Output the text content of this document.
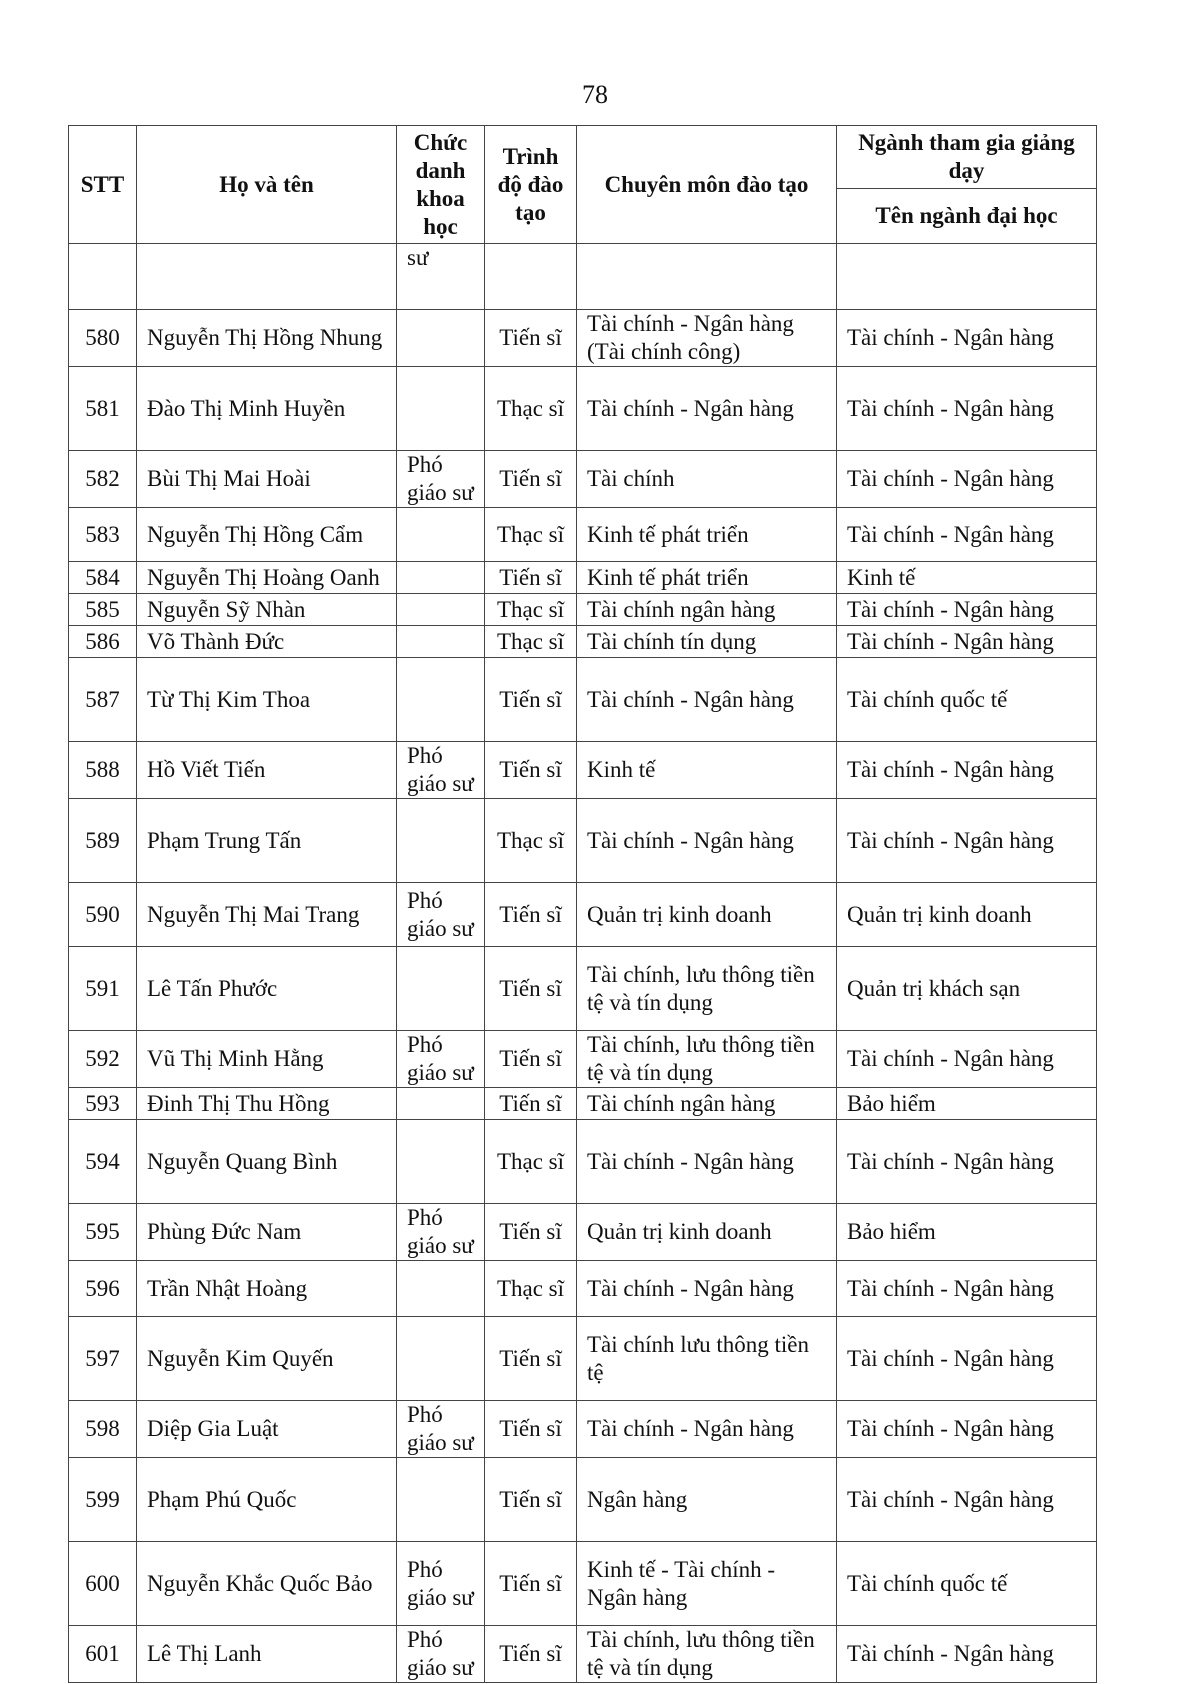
78
STT	Họ và tên	Chức danh khoa học	Trình độ đào tạo	Chuyên môn đào tạo	Ngành tham gia giảng dạy
					Tên ngành đại học
		sư			
580	Nguyễn Thị Hồng Nhung		Tiến sĩ	Tài chính - Ngân hàng (Tài chính công)	Tài chính - Ngân hàng
581	Đào Thị Minh Huyền		Thạc sĩ	Tài chính - Ngân hàng	Tài chính - Ngân hàng
582	Bùi Thị Mai Hoài	Phó giáo sư	Tiến sĩ	Tài chính	Tài chính - Ngân hàng
583	Nguyễn Thị Hồng Cẩm		Thạc sĩ	Kinh tế phát triển	Tài chính - Ngân hàng
584	Nguyễn Thị Hoàng Oanh		Tiến sĩ	Kinh tế phát triển	Kinh tế
585	Nguyễn Sỹ Nhàn		Thạc sĩ	Tài chính ngân hàng	Tài chính - Ngân hàng
586	Võ Thành Đức		Thạc sĩ	Tài chính tín dụng	Tài chính - Ngân hàng
587	Từ Thị Kim Thoa		Tiến sĩ	Tài chính - Ngân hàng	Tài chính quốc tế
588	Hồ Viết Tiến	Phó giáo sư	Tiến sĩ	Kinh tế	Tài chính - Ngân hàng
589	Phạm Trung Tấn		Thạc sĩ	Tài chính - Ngân hàng	Tài chính - Ngân hàng
590	Nguyễn Thị Mai Trang	Phó giáo sư	Tiến sĩ	Quản trị kinh doanh	Quản trị kinh doanh
591	Lê Tấn Phước		Tiến sĩ	Tài chính, lưu thông tiền tệ và tín dụng	Quản trị khách sạn
592	Vũ Thị Minh Hằng	Phó giáo sư	Tiến sĩ	Tài chính, lưu thông tiền tệ và tín dụng	Tài chính - Ngân hàng
593	Đinh Thị Thu Hồng		Tiến sĩ	Tài chính ngân hàng	Bảo hiểm
594	Nguyễn Quang Bình		Thạc sĩ	Tài chính - Ngân hàng	Tài chính - Ngân hàng
595	Phùng Đức Nam	Phó giáo sư	Tiến sĩ	Quản trị kinh doanh	Bảo hiểm
596	Trần Nhật Hoàng		Thạc sĩ	Tài chính - Ngân hàng	Tài chính - Ngân hàng
597	Nguyễn Kim Quyến		Tiến sĩ	Tài chính lưu thông tiền tệ	Tài chính - Ngân hàng
598	Diệp Gia Luật	Phó giáo sư	Tiến sĩ	Tài chính - Ngân hàng	Tài chính - Ngân hàng
599	Phạm Phú Quốc		Tiến sĩ	Ngân hàng	Tài chính - Ngân hàng
600	Nguyễn Khắc Quốc Bảo	Phó giáo sư	Tiến sĩ	Kinh tế - Tài chính - Ngân hàng	Tài chính quốc tế
601	Lê Thị Lanh	Phó giáo sư	Tiến sĩ	Tài chính, lưu thông tiền tệ và tín dụng	Tài chính - Ngân hàng
